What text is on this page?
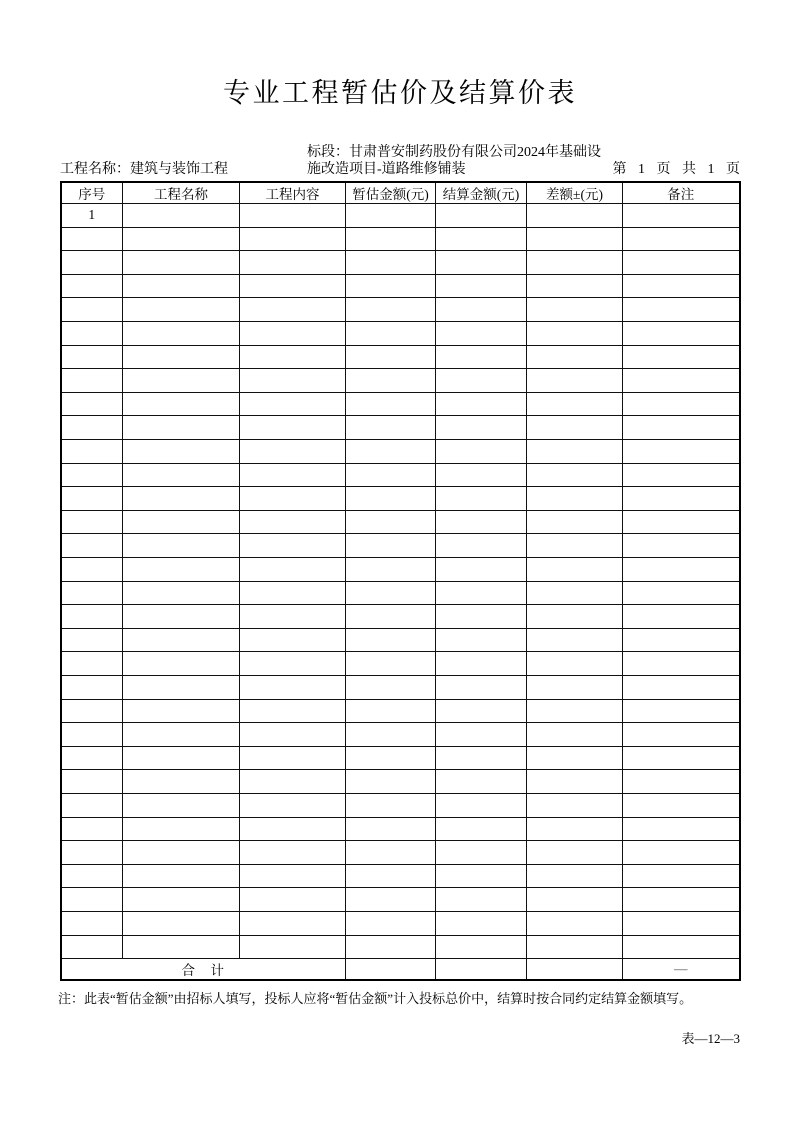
专业工程暂估价及结算价表
工程名称：建筑与装饰工程
标段：甘肃普安制药股份有限公司2024年基础设施改造项目-道路维修铺装	第 1 页 共 1 页
序号	工程名称	工程内容	暂估金额(元)	结算金额(元)	差额±(元)	备注
1						

合　计						—
注：此表“暂估金额”由招标人填写，投标人应将“暂估金额”计入投标总价中，结算时按合同约定结算金额填写。
表—12—3
